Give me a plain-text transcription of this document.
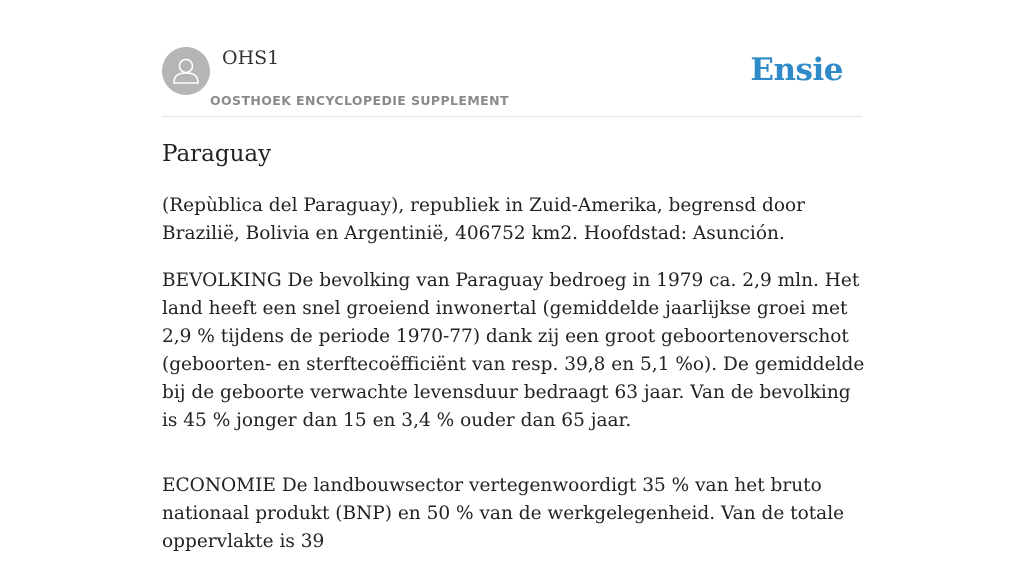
OHS1
OOSTHOEK ENCYCLOPEDIE SUPPLEMENT
Ensie
Paraguay

(Repùblica del Paraguay), republiek in Zuid-Amerika, begrensd door Brazilië, Bolivia en Argentinië, 406752 km2. Hoofdstad: Asunción.

BEVOLKING De bevolking van Paraguay bedroeg in 1979 ca. 2,9 mln. Het land heeft een snel groeiend inwonertal (gemiddelde jaarlijkse groei met 2,9 % tijdens de periode 1970-77) dank zij een groot geboortenoverschot (geboorten- en sterftecoëfficiënt van resp. 39,8 en 5,1 %o). De gemiddelde bij de geboorte verwachte levensduur bedraagt 63 jaar. Van de bevolking is 45 % jonger dan 15 en 3,4 % ouder dan 65 jaar.

ECONOMIE De landbouwsector vertegenwoordigt 35 % van het bruto nationaal produkt (BNP) en 50 % van de werkgelegenheid. Van de totale oppervlakte is 39
